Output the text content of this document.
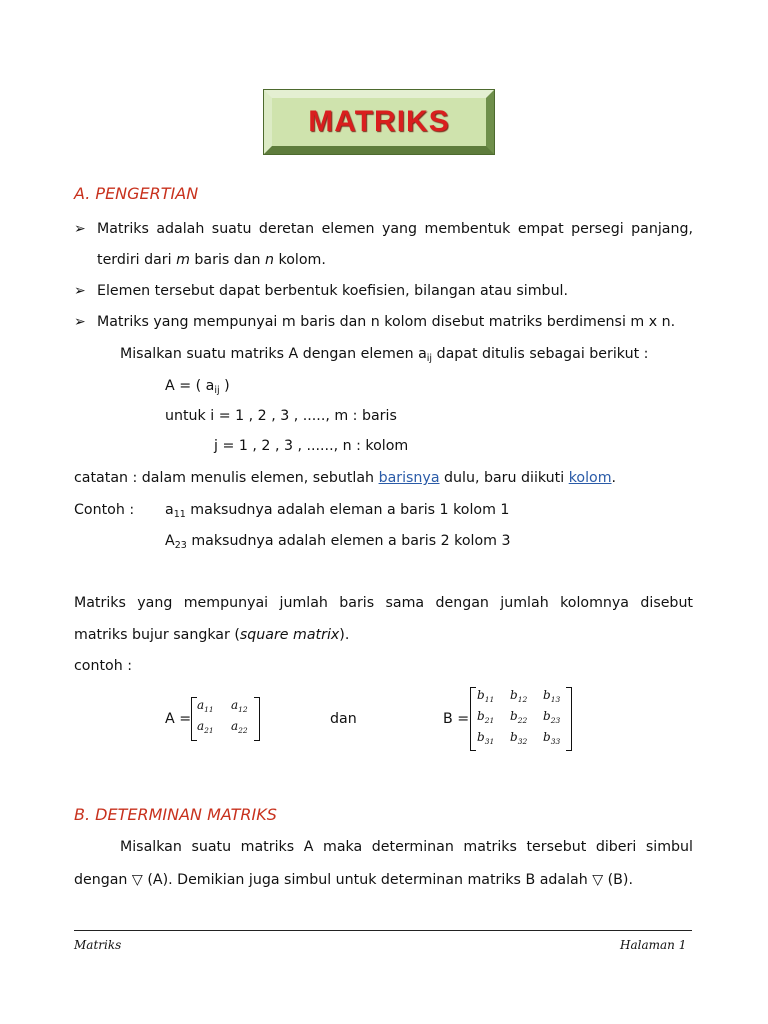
MATRIKS
A. PENGERTIAN
➢ Matriks adalah suatu deretan elemen yang membentuk empat persegi panjang,
terdiri dari m baris dan n kolom.
➢ Elemen tersebut dapat berbentuk koefisien, bilangan atau simbul.
➢ Matriks yang mempunyai m baris dan n kolom disebut matriks berdimensi m x n.
Misalkan suatu matriks A dengan elemen $a_{ij}$ dapat ditulis sebagai berikut :
A = ( $a_{ij}$ )
untuk i = 1 , 2 , 3 , ....., m : baris
j = 1 , 2 , 3 , ......, n : kolom
catatan : dalam menulis elemen, sebutlah barisnya dulu, baru diikuti kolom.
Contoh : $a_{11}$ maksudnya adalah eleman a baris 1 kolom 1
$A_{23}$ maksudnya adalah elemen a baris 2 kolom 3
Matriks yang mempunyai jumlah baris sama dengan jumlah kolomnya disebut
matriks bujur sangkar (square matrix).
contoh :
A =
$a_{11}$ $a_{12}$
$a_{21}$ $a_{22}$
dan	B =
$b_{11}$ $b_{12}$ $b_{13}$
$b_{21}$ $b_{22}$ $b_{23}$
$b_{31}$ $b_{32}$ $b_{33}$
B. DETERMINAN MATRIKS
Misalkan suatu matriks A maka determinan matriks tersebut diberi simbul
dengan ▽ (A). Demikian juga simbul untuk determinan matriks B adalah ▽ (B).
Matriks	Halaman 1
